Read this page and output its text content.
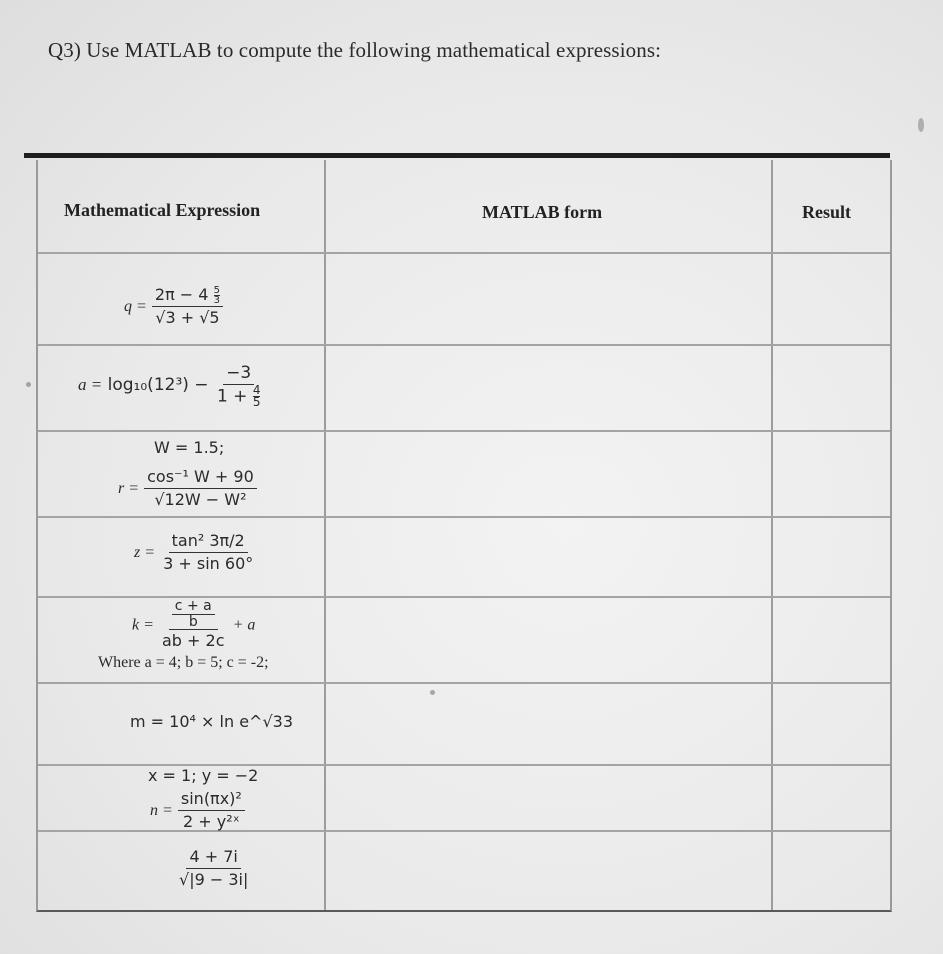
Q3) Use MATLAB to compute the following mathematical expressions:
Mathematical Expression	MATLAB form	Result
$q = \frac{2\pi - 4 \frac{5}{3}}{√3 + √5}$
$a = \log_{10}(12^3) - \frac{-3}{1 + \frac{4}{5}}$
W = 1.5;
$r = \frac{\text{cos⁻¹ W + 90}}{\text{√12W − W²}}$
$z = \frac{\text{tan² 3π/2}}{3 + \sin 60^\circ}$
$k = \frac{\frac{c + a}{b}}{ab + 2c} + a$
Where a = 4; b = 5; c = -2;
m = 10⁴ × ln e^√33
x = 1; y = −2
$n = \frac{\text{sin(πx)²}}{\text{2 + y²ˣ}}$
$\frac{4 + 7i}{√|9 - 3i|}$
